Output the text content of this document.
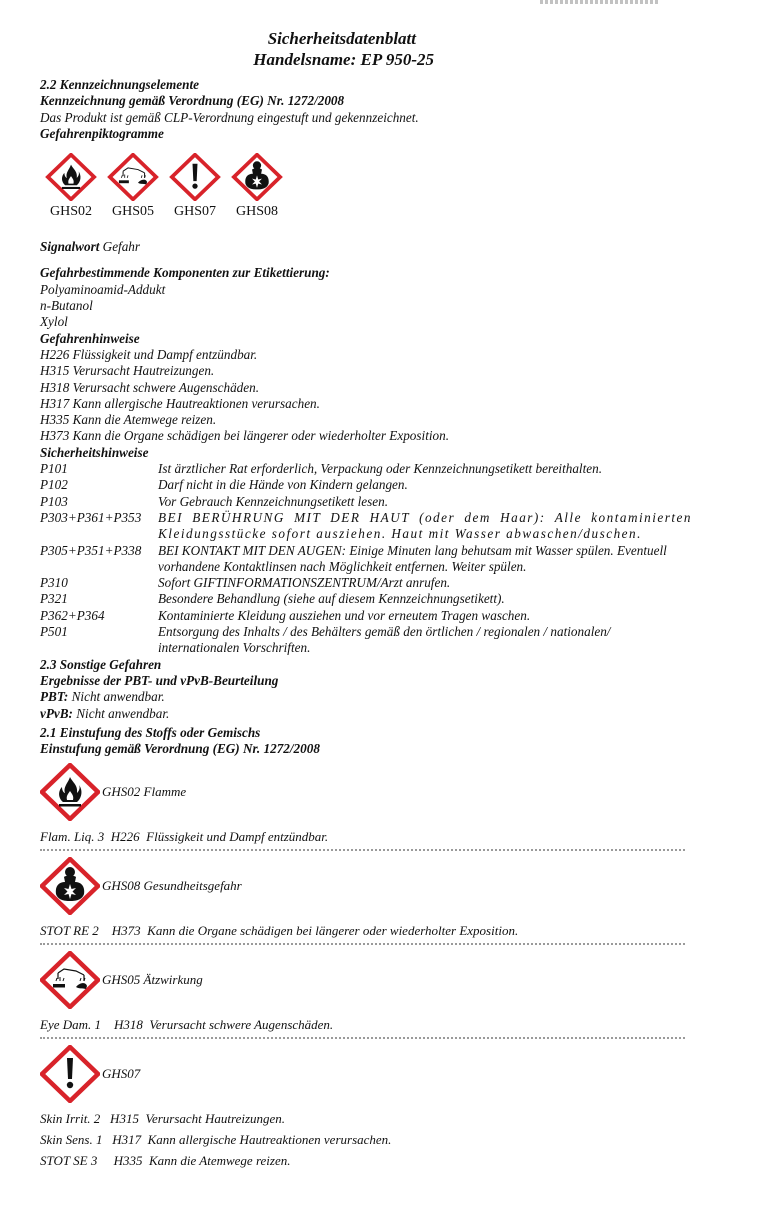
Sicherheitsdatenblatt
Handelsname: EP 950-25
2.2 Kennzeichnungselemente
Kennzeichnung gemäß Verordnung (EG) Nr. 1272/2008
Das Produkt ist gemäß CLP-Verordnung eingestuft und gekennzeichnet.
Gefahrenpiktogramme
GHS02 GHS05 GHS07 GHS08
Signalwort Gefahr
Gefahrbestimmende Komponenten zur Etikettierung:
Polyaminoamid-Addukt
n-Butanol
Xylol
Gefahrenhinweise
H226 Flüssigkeit und Dampf entzündbar.
H315 Verursacht Hautreizungen.
H318 Verursacht schwere Augenschäden.
H317 Kann allergische Hautreaktionen verursachen.
H335 Kann die Atemwege reizen.
H373 Kann die Organe schädigen bei längerer oder wiederholter Exposition.
Sicherheitshinweise
P101	Ist ärztlicher Rat erforderlich, Verpackung oder Kennzeichnungsetikett bereithalten.
P102	Darf nicht in die Hände von Kindern gelangen.
P103	Vor Gebrauch Kennzeichnungsetikett lesen.
P303+P361+P353	BEI BERÜHRUNG MIT DER HAUT (oder dem Haar): Alle kontaminierten Kleidungsstücke sofort ausziehen. Haut mit Wasser abwaschen/duschen.
P305+P351+P338	BEI KONTAKT MIT DEN AUGEN: Einige Minuten lang behutsam mit Wasser spülen. Eventuell vorhandene Kontaktlinsen nach Möglichkeit entfernen. Weiter spülen.
P310	Sofort GIFTINFORMATIONSZENTRUM/Arzt anrufen.
P321	Besondere Behandlung (siehe auf diesem Kennzeichnungsetikett).
P362+P364	Kontaminierte Kleidung ausziehen und vor erneutem Tragen waschen.
P501	Entsorgung des Inhalts / des Behälters gemäß den örtlichen / regionalen / nationalen/ internationalen Vorschriften.
2.3 Sonstige Gefahren
Ergebnisse der PBT- und vPvB-Beurteilung
PBT: Nicht anwendbar.
vPvB: Nicht anwendbar.
2.1 Einstufung des Stoffs oder Gemischs
Einstufung gemäß Verordnung (EG) Nr. 1272/2008
GHS02 Flamme
Flam. Liq. 3  H226  Flüssigkeit und Dampf entzündbar.
GHS08 Gesundheitsgefahr
STOT RE 2    H373  Kann die Organe schädigen bei längerer oder wiederholter Exposition.
GHS05 Ätzwirkung
Eye Dam. 1    H318  Verursacht schwere Augenschäden.
GHS07
Skin Irrit. 2   H315  Verursacht Hautreizungen.
Skin Sens. 1   H317  Kann allergische Hautreaktionen verursachen.
STOT SE 3     H335  Kann die Atemwege reizen.
